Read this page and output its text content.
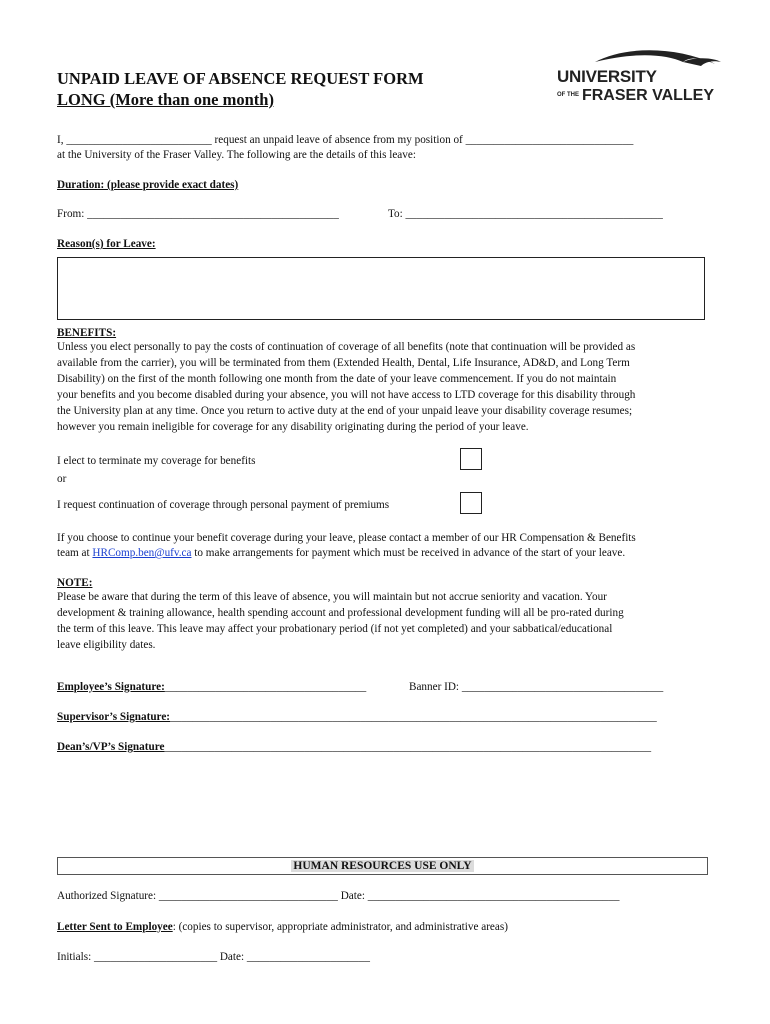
UNPAID LEAVE OF ABSENCE REQUEST FORM
LONG (More than one month)
UNIVERSITY
OF THE FRASER VALLEY
I, __________________________ request an unpaid leave of absence from my position of ______________________________
at the University of the Fraser Valley. The following are the details of this leave:
Duration: (please provide exact dates)
From: _____________________________________________	To: ______________________________________________
Reason(s) for Leave:
BENEFITS:
Unless you elect personally to pay the costs of continuation of coverage of all benefits (note that continuation will be provided as
available from the carrier), you will be terminated from them (Extended Health, Dental, Life Insurance, AD&D, and Long Term
Disability) on the first of the month following one month from the date of your leave commencement. If you do not maintain
your benefits and you become disabled during your absence, you will not have access to LTD coverage for this disability through
the University plan at any time. Once you return to active duty at the end of your unpaid leave your disability coverage resumes;
however you remain ineligible for coverage for any disability originating during the period of your leave.
I elect to terminate my coverage for benefits
or
I request continuation of coverage through personal payment of premiums
If you choose to continue your benefit coverage during your leave, please contact a member of our HR Compensation & Benefits
team at HRComp.ben@ufv.ca to make arrangements for payment which must be received in advance of the start of your leave.
NOTE:
Please be aware that during the term of this leave of absence, you will maintain but not accrue seniority and vacation. Your
development & training allowance, health spending account and professional development funding will all be pro-rated during
the term of this leave. This leave may affect your probationary period (if not yet completed) and your sabbatical/educational
leave eligibility dates.
Employee’s Signature:____________________________________	Banner ID: ____________________________________
Supervisor’s Signature:_______________________________________________________________________________________
Dean’s/VP’s Signature_______________________________________________________________________________________
HUMAN RESOURCES USE ONLY
Authorized Signature: ________________________________ Date: _____________________________________________
Letter Sent to Employee: (copies to supervisor, appropriate administrator, and administrative areas)
Initials: ______________________ Date: ______________________
